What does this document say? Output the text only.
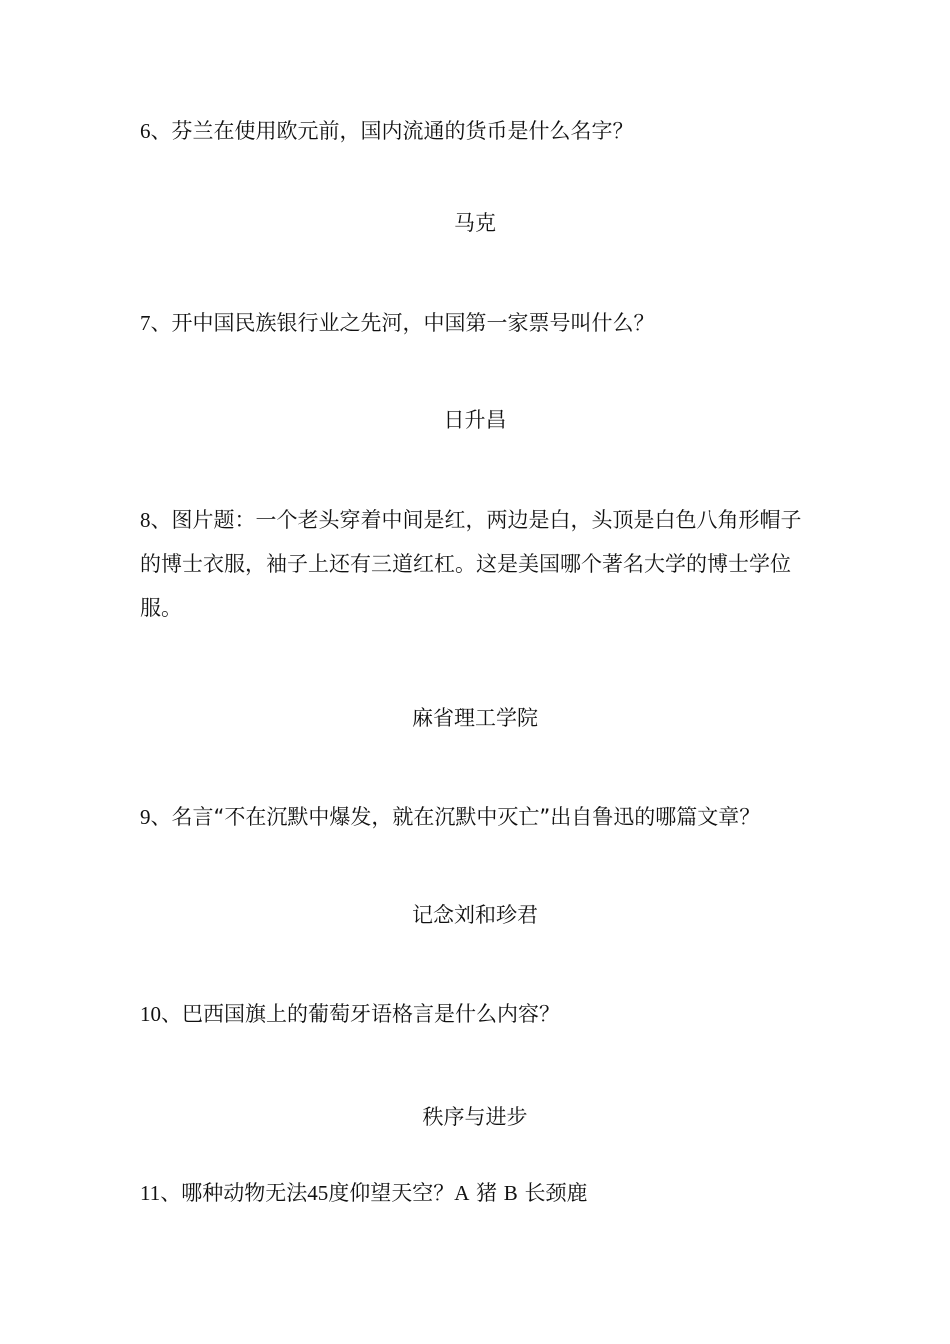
6、芬兰在使用欧元前，国内流通的货币是什么名字？

马克

7、开中国民族银行业之先河，中国第一家票号叫什么？

日升昌

8、图片题：一个老头穿着中间是红，两边是白，头顶是白色八角形帽子的博士衣服，袖子上还有三道红杠。这是美国哪个著名大学的博士学位服。

麻省理工学院

9、名言“不在沉默中爆发，就在沉默中灭亡”出自鲁迅的哪篇文章？

记念刘和珍君

10、巴西国旗上的葡萄牙语格言是什么内容？

秩序与进步

11、哪种动物无法45度仰望天空？A 猪 B 长颈鹿
